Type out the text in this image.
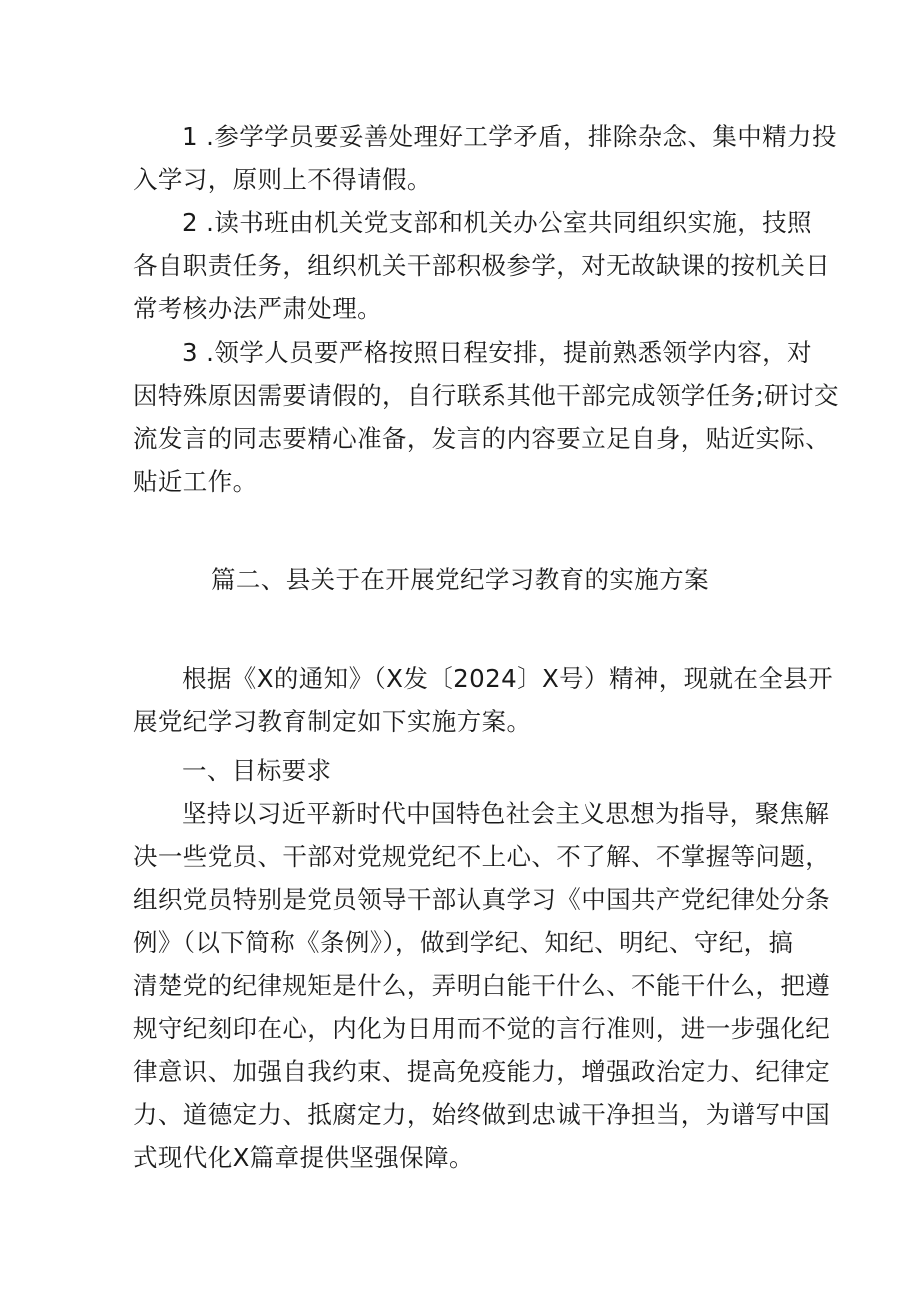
1 .参学学员要妥善处理好工学矛盾，排除杂念、集中精力投
入学习，原则上不得请假。

2 .读书班由机关党支部和机关办公室共同组织实施，技照
各自职责任务，组织机关干部积极参学，对无故缺课的按机关日
常考核办法严肃处理。

3 .领学人员要严格按照日程安排，提前熟悉领学内容，对
因特殊原因需要请假的，自行联系其他干部完成领学任务;研讨交
流发言的同志要精心准备，发言的内容要立足自身，贴近实际、
贴近工作。

篇二、县关于在开展党纪学习教育的实施方案

根据《X的通知》（X发〔2024〕X号）精神，现就在全县开
展党纪学习教育制定如下实施方案。

一、目标要求

坚持以习近平新时代中国特色社会主义思想为指导，聚焦解
决一些党员、干部对党规党纪不上心、不了解、不掌握等问题，
组织党员特别是党员领导干部认真学习《中国共产党纪律处分条
例》（以下简称《条例》），做到学纪、知纪、明纪、守纪，搞
清楚党的纪律规矩是什么，弄明白能干什么、不能干什么，把遵
规守纪刻印在心，内化为日用而不觉的言行准则，进一步强化纪
律意识、加强自我约束、提高免疫能力，增强政治定力、纪律定
力、道德定力、抵腐定力，始终做到忠诚干净担当，为谱写中国
式现代化X篇章提供坚强保障。
